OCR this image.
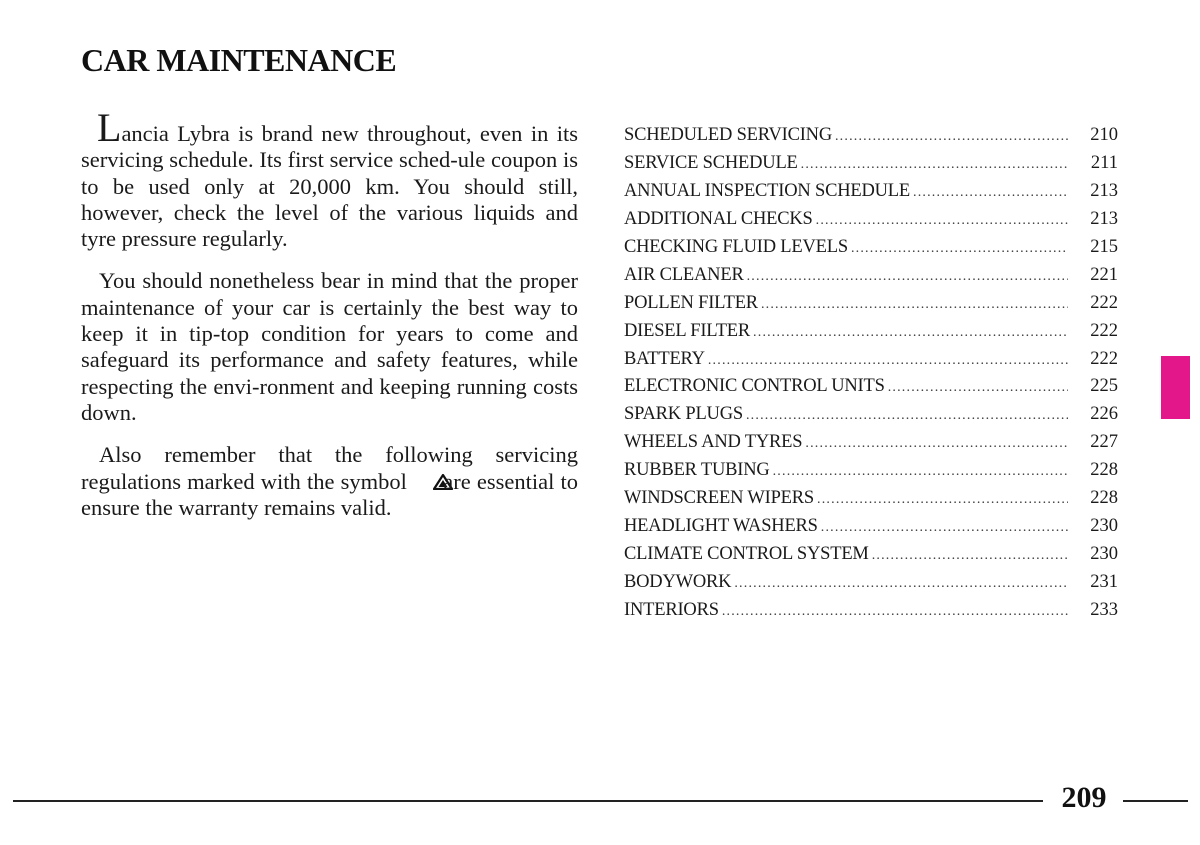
CAR MAINTENANCE

Lancia Lybra is brand new throughout, even in its servicing schedule. Its first service sched-ule coupon is to be used only at 20,000 km. You should still, however, check the level of the various liquids and tyre pressure regularly.

You should nonetheless bear in mind that the proper maintenance of your car is certainly the best way to keep it in tip-top condition for years to come and safeguard its performance and safety features, while respecting the envi-ronment and keeping running costs down.

Also remember that the following servicing regulations marked with the symbol are essential to ensure the warranty remains valid.

SCHEDULED SERVICING .....	210
SERVICE SCHEDULE .....	211
ANNUAL INSPECTION SCHEDULE .....	213
ADDITIONAL CHECKS .....	213
CHECKING FLUID LEVELS .....	215
AIR CLEANER .....	221
POLLEN FILTER .....	222
DIESEL FILTER .....	222
BATTERY .....	222
ELECTRONIC CONTROL UNITS .....	225
SPARK PLUGS .....	226
WHEELS AND TYRES .....	227
RUBBER TUBING .....	228
WINDSCREEN WIPERS .....	228
HEADLIGHT WASHERS .....	230
CLIMATE CONTROL SYSTEM .....	230
BODYWORK .....	231
INTERIORS .....	233
209
